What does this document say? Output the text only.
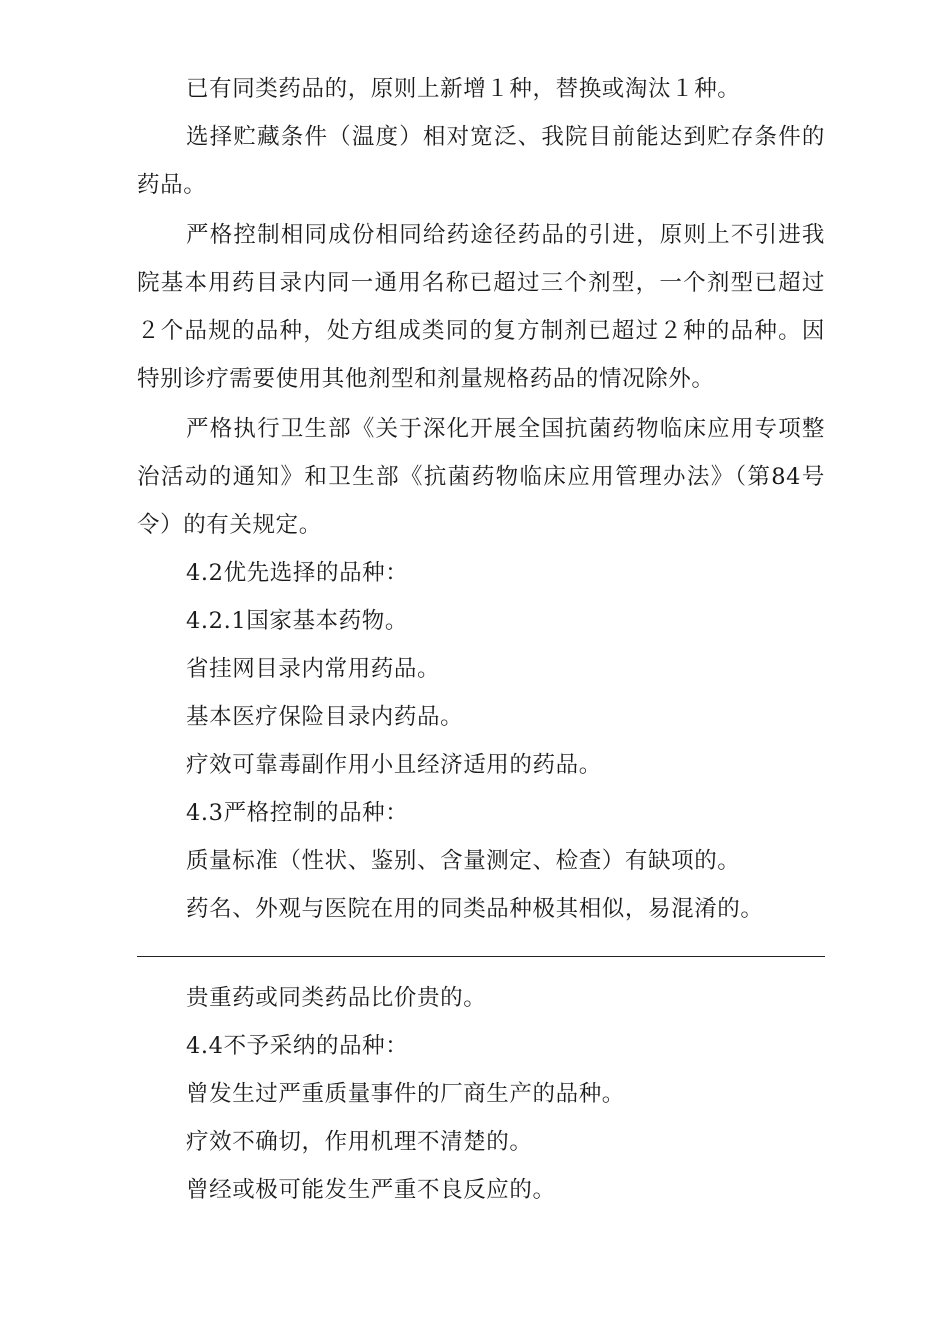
已有同类药品的，原则上新增１种，替换或淘汰１种。

选择贮藏条件（温度）相对宽泛、我院目前能达到贮存条件的药品。

严格控制相同成份相同给药途径药品的引进，原则上不引进我院基本用药目录内同一通用名称已超过三个剂型，一个剂型已超过２个品规的品种，处方组成类同的复方制剂已超过２种的品种。因特别诊疗需要使用其他剂型和剂量规格药品的情况除外。

严格执行卫生部《关于深化开展全国抗菌药物临床应用专项整治活动的通知》和卫生部《抗菌药物临床应用管理办法》（第84号令）的有关规定。

4.2优先选择的品种：

4.2.1国家基本药物。

省挂网目录内常用药品。

基本医疗保险目录内药品。

疗效可靠毒副作用小且经济适用的药品。

4.3严格控制的品种：

质量标准（性状、鉴别、含量测定、检查）有缺项的。

药名、外观与医院在用的同类品种极其相似，易混淆的。

贵重药或同类药品比价贵的。

4.4不予采纳的品种：

曾发生过严重质量事件的厂商生产的品种。

疗效不确切，作用机理不清楚的。

曾经或极可能发生严重不良反应的。
